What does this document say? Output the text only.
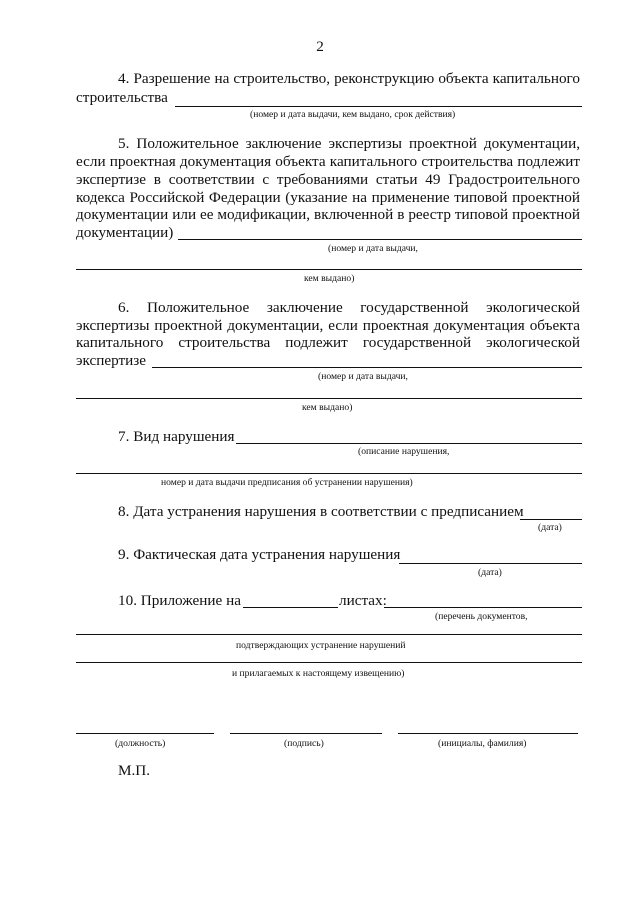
2
4. Разрешение на строительство, реконструкцию объекта капитального
строительства
(номер и дата выдачи, кем выдано, срок действия)
5. Положительное заключение экспертизы проектной документации,
если проектная документация объекта капитального строительства подлежит
экспертизе в соответствии с требованиями статьи 49 Градостроительного
кодекса Российской Федерации (указание на применение типовой проектной
документации или ее модификации, включенной в реестр типовой проектной
документации)
(номер и дата выдачи,
кем выдано)
6. Положительное заключение государственной экологической
экспертизы проектной документации, если проектная документация объекта
капитального строительства подлежит государственной экологической
экспертизе
(номер и дата выдачи,
кем выдано)
7. Вид нарушения
(описание нарушения,
номер и дата выдачи предписания об устранении нарушения)
8. Дата устранения нарушения в соответствии с предписанием
(дата)
9. Фактическая дата устранения нарушения
(дата)
10. Приложение на	листах:
(перечень документов,
подтверждающих устранение нарушений
и прилагаемых к настоящему извещению)
(должность)	(подпись)	(инициалы, фамилия)
М.П.
